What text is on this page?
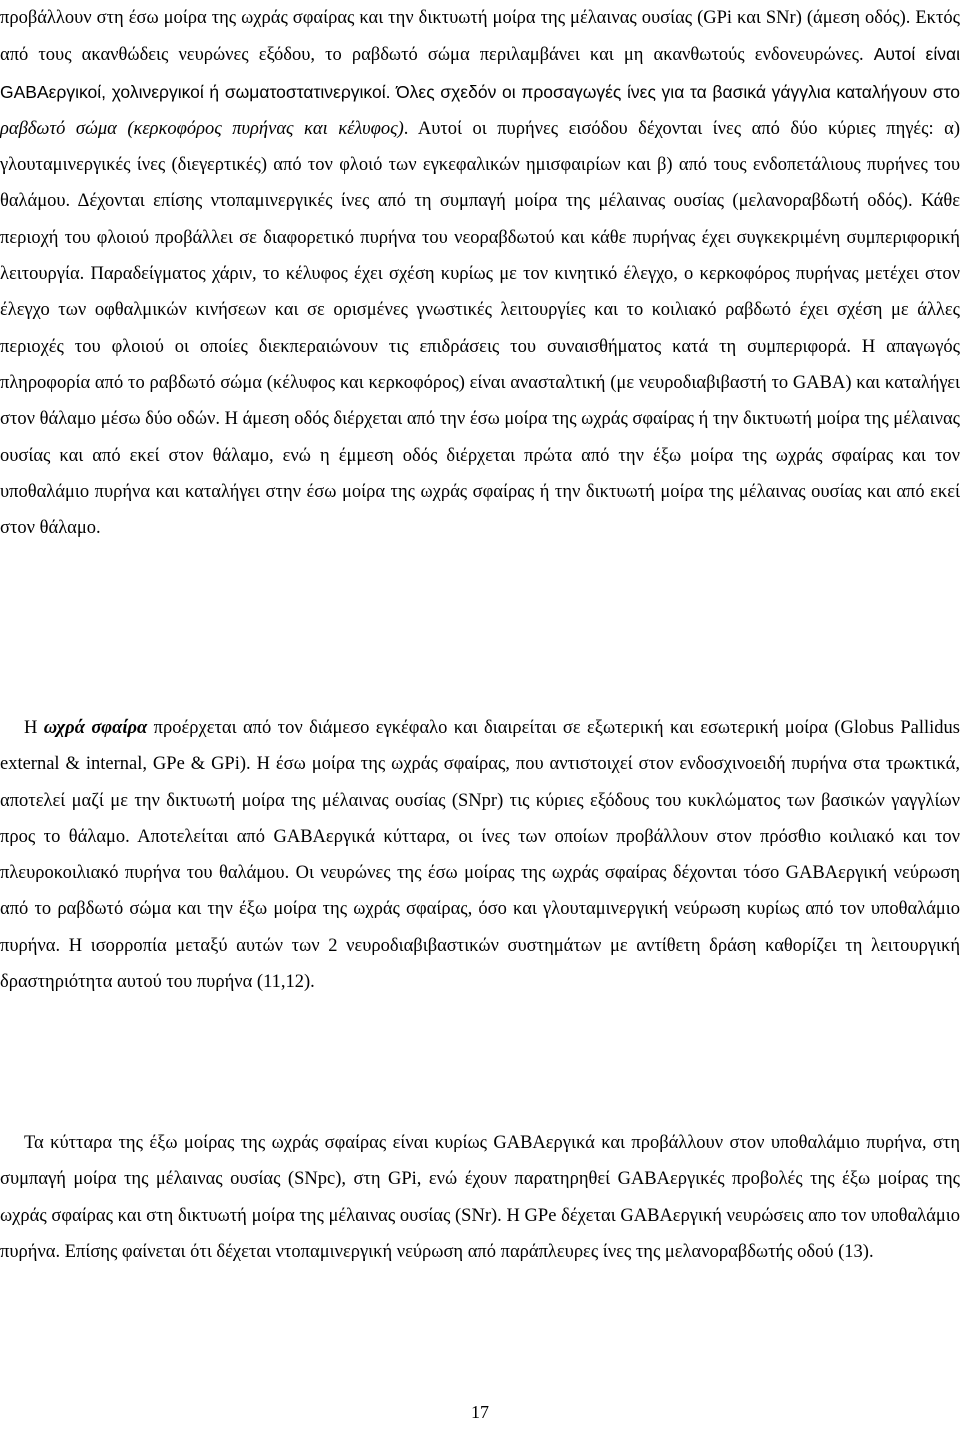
προβάλλουν στη έσω μοίρα της ωχράς σφαίρας και την δικτυωτή μοίρα της μέλαινας ουσίας (GPi και SNr) (άμεση οδός). Εκτός από τους ακανθώδεις νευρώνες εξόδου, το ραβδωτό σώμα περιλαμβάνει και μη ακανθωτούς ενδονευρώνες. Αυτοί είναι GABAεργικοί, χολινεργικοί ή σωματοστατινεργικοί. Όλες σχεδόν οι προσαγωγές ίνες για τα βασικά γάγγλια καταλήγουν στο ραβδωτό σώμα (κερκοφόρος πυρήνας και κέλυφος). Αυτοί οι πυρήνες εισόδου δέχονται ίνες από δύο κύριες πηγές: α) γλουταμινεργικές ίνες (διεγερτικές) από τον φλοιό των εγκεφαλικών ημισφαιρίων και β) από τους ενδοπετάλιους πυρήνες του θαλάμου. Δέχονται επίσης ντοπαμινεργικές ίνες από τη συμπαγή μοίρα της μέλαινας ουσίας (μελανοραβδωτή οδός). Κάθε περιοχή του φλοιού προβάλλει σε διαφορετικό πυρήνα του νεοραβδωτού και κάθε πυρήνας έχει συγκεκριμένη συμπεριφορική λειτουργία. Παραδείγματος χάριν, το κέλυφος έχει σχέση κυρίως με τον κινητικό έλεγχο, ο κερκοφόρος πυρήνας μετέχει στον έλεγχο των οφθαλμικών κινήσεων και σε ορισμένες γνωστικές λειτουργίες και το κοιλιακό ραβδωτό έχει σχέση με άλλες περιοχές του φλοιού οι οποίες διεκπεραιώνουν τις επιδράσεις του συναισθήματος κατά τη συμπεριφορά. Η απαγωγός πληροφορία από το ραβδωτό σώμα (κέλυφος και κερκοφόρος) είναι ανασταλτική (με νευροδιαβιβαστή το GABA) και καταλήγει στον θάλαμο μέσω δύο οδών. Η άμεση οδός διέρχεται από την έσω μοίρα της ωχράς σφαίρας ή την δικτυωτή μοίρα της μέλαινας ουσίας και από εκεί στον θάλαμο, ενώ η έμμεση οδός διέρχεται πρώτα από την έξω μοίρα της ωχράς σφαίρας και τον υποθαλάμιο πυρήνα και καταλήγει στην έσω μοίρα της ωχράς σφαίρας ή την δικτυωτή μοίρα της μέλαινας ουσίας και από εκεί στον θάλαμο.

Η ωχρά σφαίρα προέρχεται από τον διάμεσο εγκέφαλο και διαιρείται σε εξωτερική και εσωτερική μοίρα (Globus Pallidus external & internal, GPe & GPi). Η έσω μοίρα της ωχράς σφαίρας, που αντιστοιχεί στον ενδοσχινοειδή πυρήνα στα τρωκτικά, αποτελεί μαζί με την δικτυωτή μοίρα της μέλαινας ουσίας (SNpr) τις κύριες εξόδους του κυκλώματος των βασικών γαγγλίων προς το θάλαμο. Αποτελείται από GABAεργικά κύτταρα, οι ίνες των οποίων προβάλλουν στον πρόσθιο κοιλιακό και τον πλευροκοιλιακό πυρήνα του θαλάμου. Οι νευρώνες της έσω μοίρας της ωχράς σφαίρας δέχονται τόσο GABAεργική νεύρωση από το ραβδωτό σώμα και την έξω μοίρα της ωχράς σφαίρας, όσο και γλουταμινεργική νεύρωση κυρίως από τον υποθαλάμιο πυρήνα. Η ισορροπία μεταξύ αυτών των 2 νευροδιαβιβαστικών συστημάτων με αντίθετη δράση καθορίζει τη λειτουργική δραστηριότητα αυτού του πυρήνα (11,12).

Τα κύτταρα της έξω μοίρας της ωχράς σφαίρας είναι κυρίως GABAεργικά και προβάλλουν στον υποθαλάμιο πυρήνα, στη συμπαγή μοίρα της μέλαινας ουσίας (SNpc), στη GPi, ενώ έχουν παρατηρηθεί GABAεργικές προβολές της έξω μοίρας της ωχράς σφαίρας και στη δικτυωτή μοίρα της μέλαινας ουσίας (SNr). Η GPe δέχεται GABAεργική νευρώσεις απο τον υποθαλάμιο πυρήνα. Επίσης φαίνεται ότι δέχεται ντοπαμινεργική νεύρωση από παράπλευρες ίνες της μελανοραβδωτής οδού (13).

17
